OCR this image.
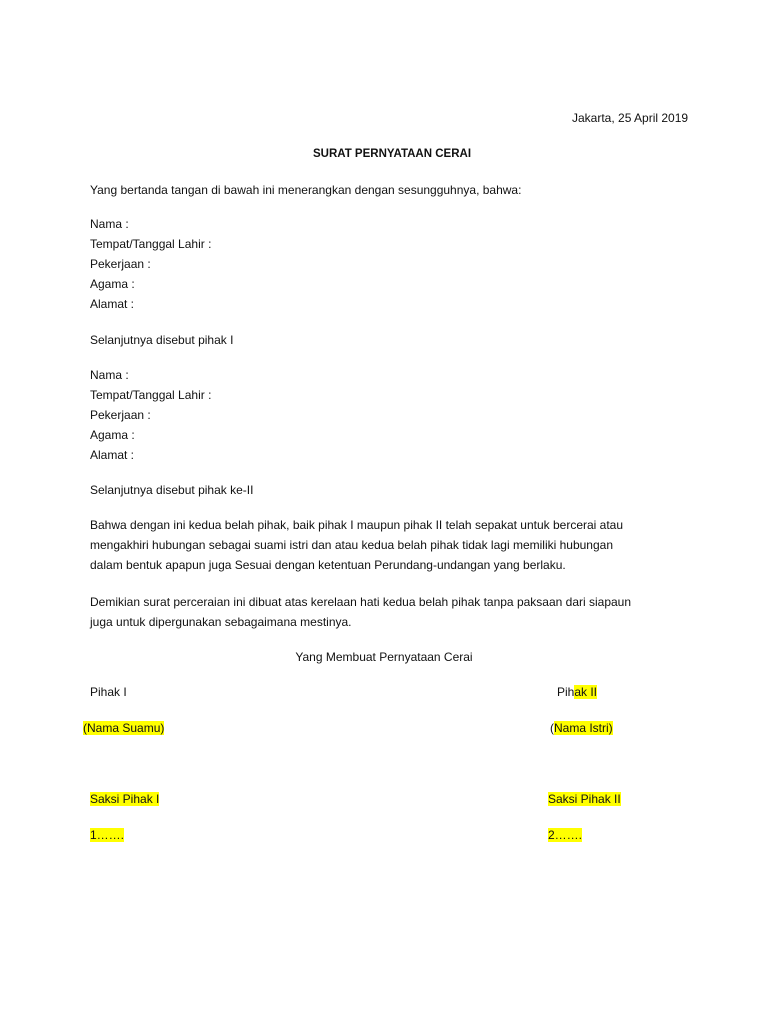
Jakarta, 25 April 2019
SURAT PERNYATAAN CERAI
Yang bertanda tangan di bawah ini menerangkan dengan sesungguhnya, bahwa:
Nama :
Tempat/Tanggal Lahir :
Pekerjaan :
Agama :
Alamat :
Selanjutnya disebut pihak I
Nama :
Tempat/Tanggal Lahir :
Pekerjaan :
Agama :
Alamat :
Selanjutnya disebut pihak ke-II
Bahwa dengan ini kedua belah pihak, baik pihak I maupun pihak II telah sepakat untuk bercerai atau
mengakhiri hubungan sebagai suami istri dan atau kedua belah pihak tidak lagi memiliki hubungan
dalam bentuk apapun juga Sesuai dengan ketentuan Perundang-undangan yang berlaku.
Demikian surat perceraian ini dibuat atas kerelaan hati kedua belah pihak tanpa paksaan dari siapaun
juga untuk dipergunakan sebagaimana mestinya.
Yang Membuat Pernyataan Cerai
Pihak I	Pihak II
(Nama Suamu)	(Nama Istri)
Saksi Pihak I	Saksi Pihak II
1…….	2…….
